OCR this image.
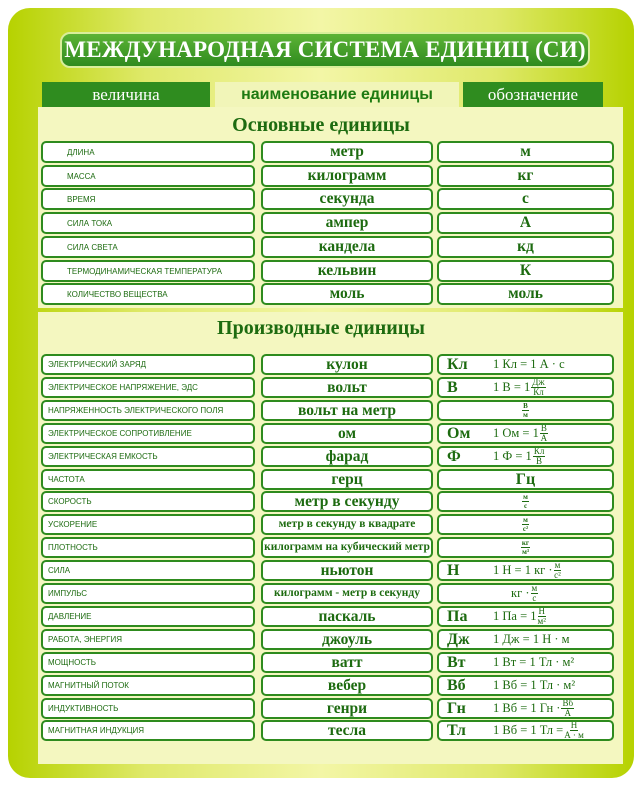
МЕЖДУНАРОДНАЯ СИСТЕМА ЕДИНИЦ (СИ)
величина	наименование единицы	обозначение
Основные единицы
Производные единицы
ДЛИНА	метр	м
МАССА	килограмм	кг
ВРЕМЯ	секунда	с
СИЛА ТОКА	ампер	А
СИЛА СВЕТА	кандела	кд
ТЕРМОДИНАМИЧЕСКАЯ ТЕМПЕРАТУРА	кельвин	К
КОЛИЧЕСТВО ВЕЩЕСТВА	моль	моль
ЭЛЕКТРИЧЕСКИЙ ЗАРЯД	кулон	Кл	1 Кл = 1 А · с
ЭЛЕКТРИЧЕСКОЕ НАПРЯЖЕНИЕ, ЭДС	вольт	В	1 $В = 1 \frac{Дж}{Кл}$
НАПРЯЖЕННОСТЬ ЭЛЕКТРИЧЕСКОГО ПОЛЯ	вольт на метр	$\frac{В}{м}$
ЭЛЕКТРИЧЕСКОЕ СОПРОТИВЛЕНИЕ	ом	Ом	1 Ом = $1 \frac{В}{А}$
ЭЛЕКТРИЧЕСКАЯ ЕМКОСТЬ	фарад	Ф	1 $Ф = 1 \frac{Кл}{В}$
ЧАСТОТА	герц	Гц
СКОРОСТЬ	метр в секунду	$\frac{м}{с}$
УСКОРЕНИЕ	метр в секунду в квадрате	$\frac{м}{\text{с²}}$
ПЛОТНОСТЬ	килограмм на кубический метр	$\frac{кг}{\text{м³}}$
СИЛА	ньютон	Н	1 Н = 1 кг · $\frac{м}{\text{с²}}$
ИМПУЛЬС	килограмм - метр в секунду	кг · $\frac{м}{с}$
ДАВЛЕНИЕ	паскаль	Па	1 Па = $1 \frac{Н}{\text{м²}}$
РАБОТА, ЭНЕРГИЯ	джоуль	Дж	1 Дж = 1 Н · м
МОЩНОСТЬ	ватт	Вт	1 Вт = 1 Тл · м²
МАГНИТНЫЙ ПОТОК	вебер	Вб	1 Вб = 1 Тл · м²
ИНДУКТИВНОСТЬ	генри	Гн	1 Вб = 1 Гн · $\frac{Вб}{А}$
МАГНИТНАЯ ИНДУКЦИЯ	тесла	Тл	1 Вб = 1 Тл = $\frac{Н}{А \cdot м}$
